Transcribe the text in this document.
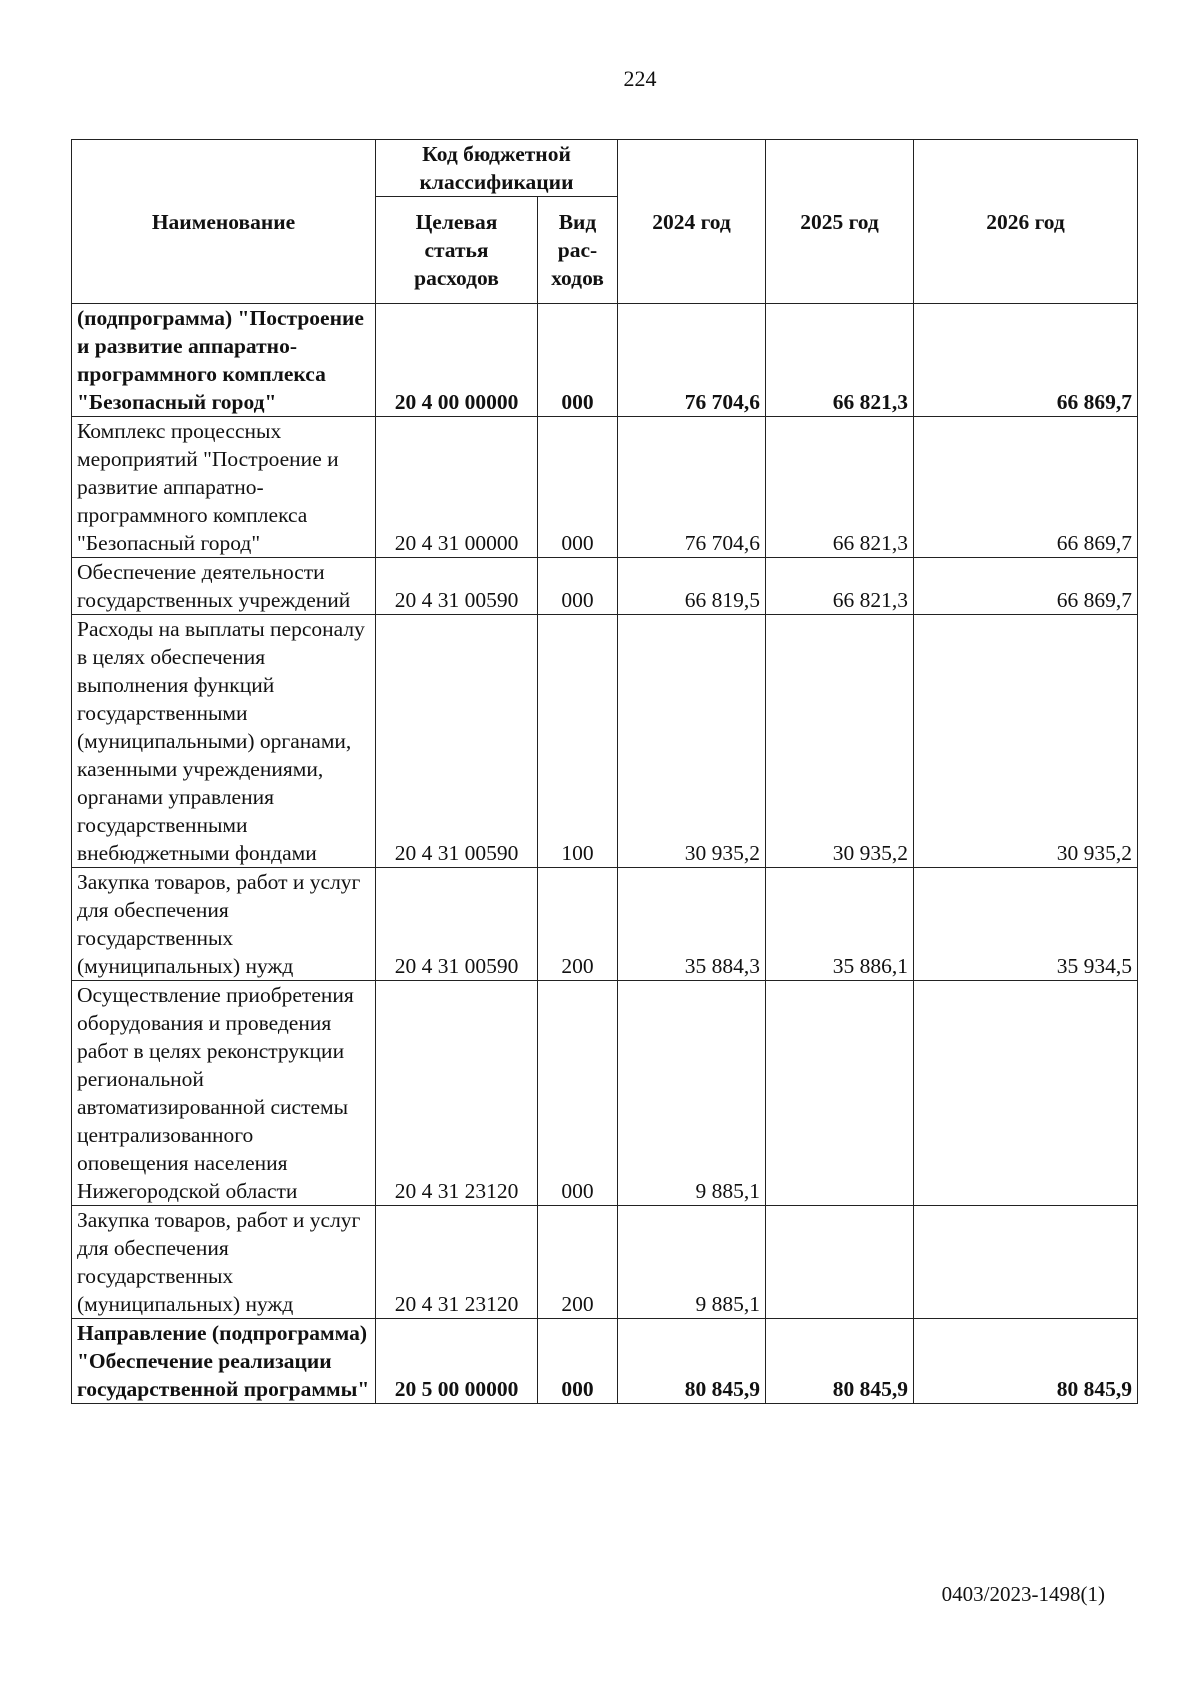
224
Наименование	Код бюджетной классификации		2024 год	2025 год	2026 год
	Целевая статья расходов	Вид рас-ходов			
(подпрограмма) "Построение и развитие аппаратно-программного комплекса "Безопасный город"	20 4 00 00000	000	76 704,6	66 821,3	66 869,7
Комплекс процессных мероприятий "Построение и развитие аппаратно-программного комплекса "Безопасный город"	20 4 31 00000	000	76 704,6	66 821,3	66 869,7
Обеспечение деятельности государственных учреждений	20 4 31 00590	000	66 819,5	66 821,3	66 869,7
Расходы на выплаты персоналу в целях обеспечения выполнения функций государственными (муниципальными) органами, казенными учреждениями, органами управления государственными внебюджетными фондами	20 4 31 00590	100	30 935,2	30 935,2	30 935,2
Закупка товаров, работ и услуг для обеспечения государственных (муниципальных) нужд	20 4 31 00590	200	35 884,3	35 886,1	35 934,5
Осуществление приобретения оборудования и проведения работ в целях реконструкции региональной автоматизированной системы централизованного оповещения населения Нижегородской области	20 4 31 23120	000	9 885,1		
Закупка товаров, работ и услуг для обеспечения государственных (муниципальных) нужд	20 4 31 23120	200	9 885,1		
Направление (подпрограмма) "Обеспечение реализации государственной программы"	20 5 00 00000	000	80 845,9	80 845,9	80 845,9
0403/2023-1498(1)
